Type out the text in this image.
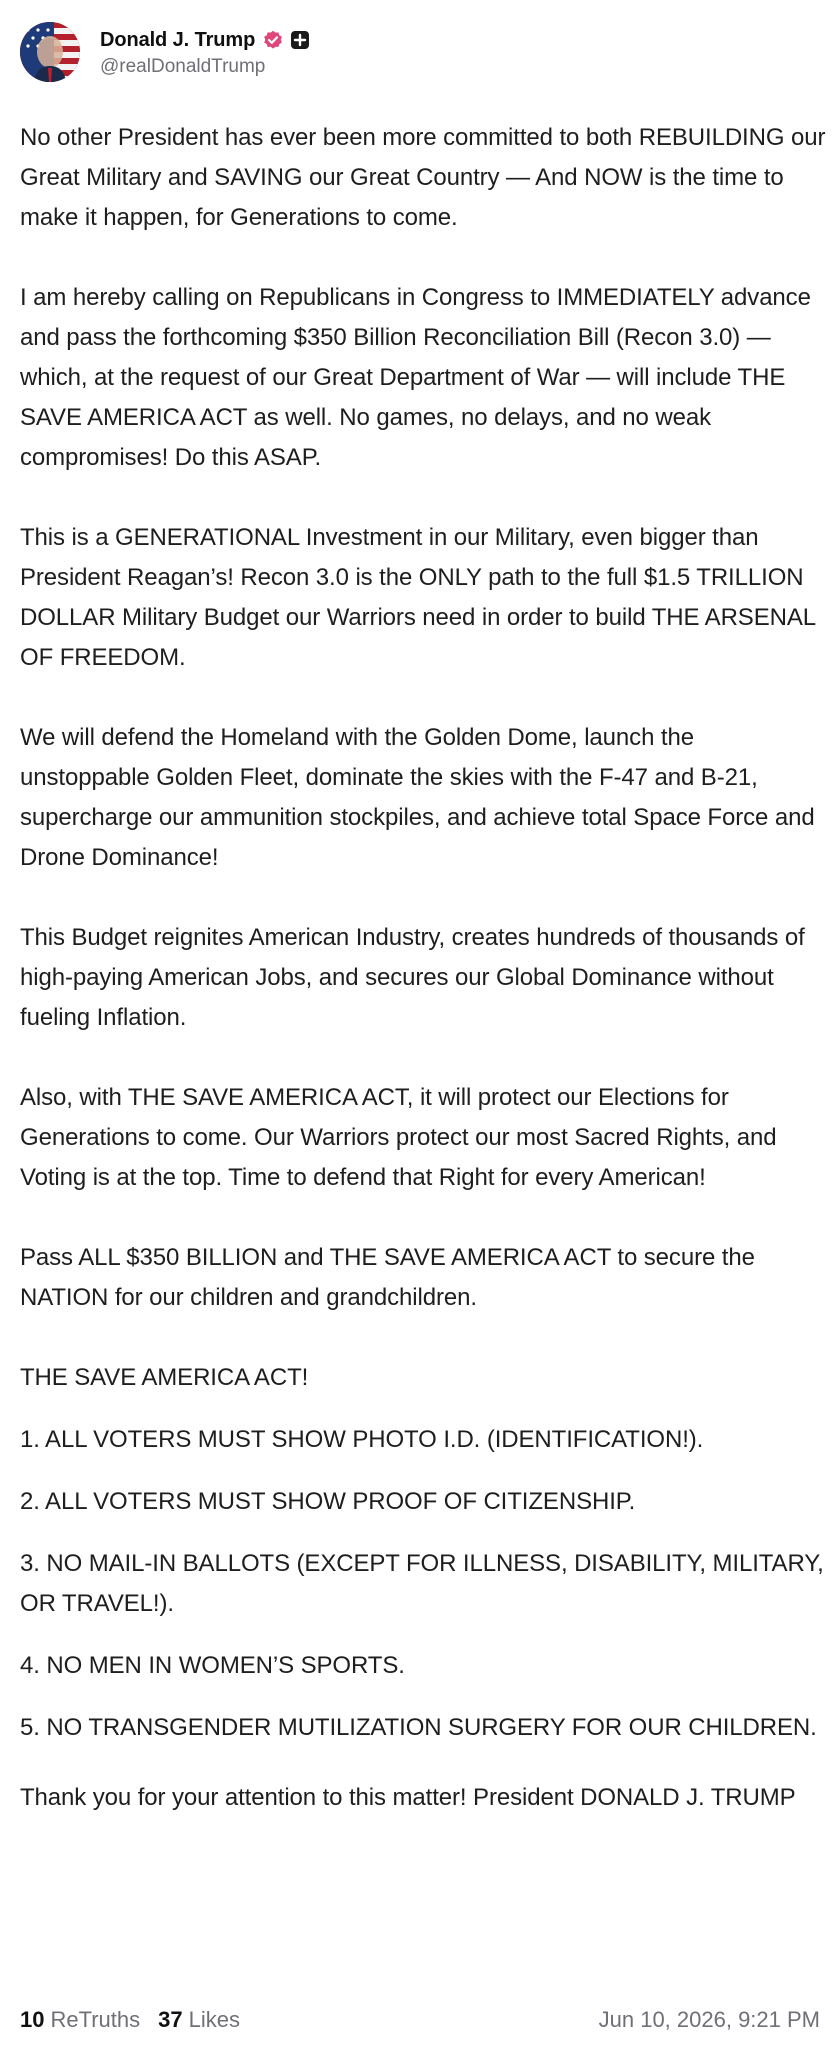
Donald J. Trump
@realDonaldTrump

No other President has ever been more committed to both REBUILDING our Great Military and SAVING our Great Country — And NOW is the time to make it happen, for Generations to come.

I am hereby calling on Republicans in Congress to IMMEDIATELY advance and pass the forthcoming $350 Billion Reconciliation Bill (Recon 3.0) — which, at the request of our Great Department of War — will include THE SAVE AMERICA ACT as well. No games, no delays, and no weak compromises! Do this ASAP.

This is a GENERATIONAL Investment in our Military, even bigger than President Reagan’s! Recon 3.0 is the ONLY path to the full $1.5 TRILLION DOLLAR Military Budget our Warriors need in order to build THE ARSENAL OF FREEDOM.

We will defend the Homeland with the Golden Dome, launch the unstoppable Golden Fleet, dominate the skies with the F-47 and B-21, supercharge our ammunition stockpiles, and achieve total Space Force and Drone Dominance!

This Budget reignites American Industry, creates hundreds of thousands of high-paying American Jobs, and secures our Global Dominance without fueling Inflation.

Also, with THE SAVE AMERICA ACT, it will protect our Elections for Generations to come. Our Warriors protect our most Sacred Rights, and Voting is at the top. Time to defend that Right for every American!

Pass ALL $350 BILLION and THE SAVE AMERICA ACT to secure the NATION for our children and grandchildren.

THE SAVE AMERICA ACT!

1. ALL VOTERS MUST SHOW PHOTO I.D. (IDENTIFICATION!).

2. ALL VOTERS MUST SHOW PROOF OF CITIZENSHIP.

3. NO MAIL-IN BALLOTS (EXCEPT FOR ILLNESS, DISABILITY, MILITARY, OR TRAVEL!).

4. NO MEN IN WOMEN’S SPORTS.

5. NO TRANSGENDER MUTILIZATION SURGERY FOR OUR CHILDREN.

Thank you for your attention to this matter! President DONALD J. TRUMP

10 ReTruths 37 Likes	Jun 10, 2026, 9:21 PM
